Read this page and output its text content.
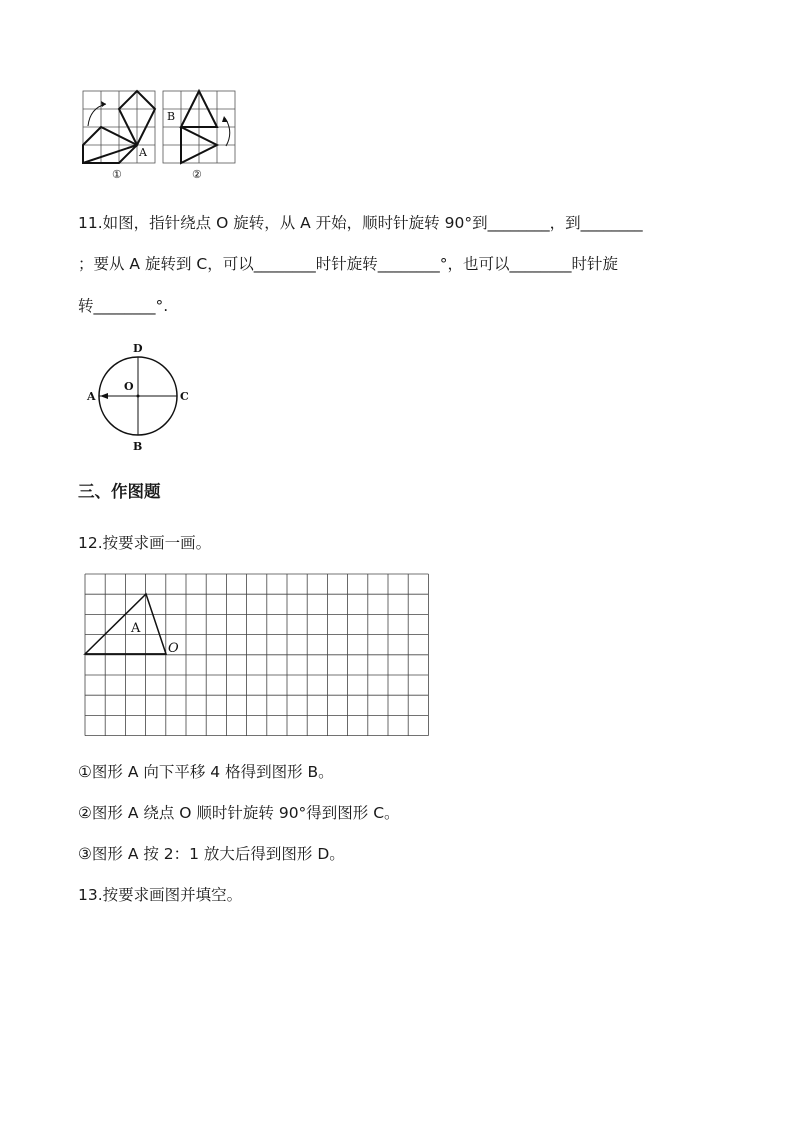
A
①
B
②
11.如图，指针绕点 O 旋转，从 A 开始，顺时针旋转 90°到________，到________
；要从 A 旋转到 C，可以________时针旋转________°，也可以________时针旋
转________°.
D
O
A	C
B
三、作图题
12.按要求画一画。
A
O
①图形 A 向下平移 4 格得到图形 B。
②图形 A 绕点 O 顺时针旋转 90°得到图形 C。
③图形 A 按 2：1 放大后得到图形 D。
13.按要求画图并填空。
